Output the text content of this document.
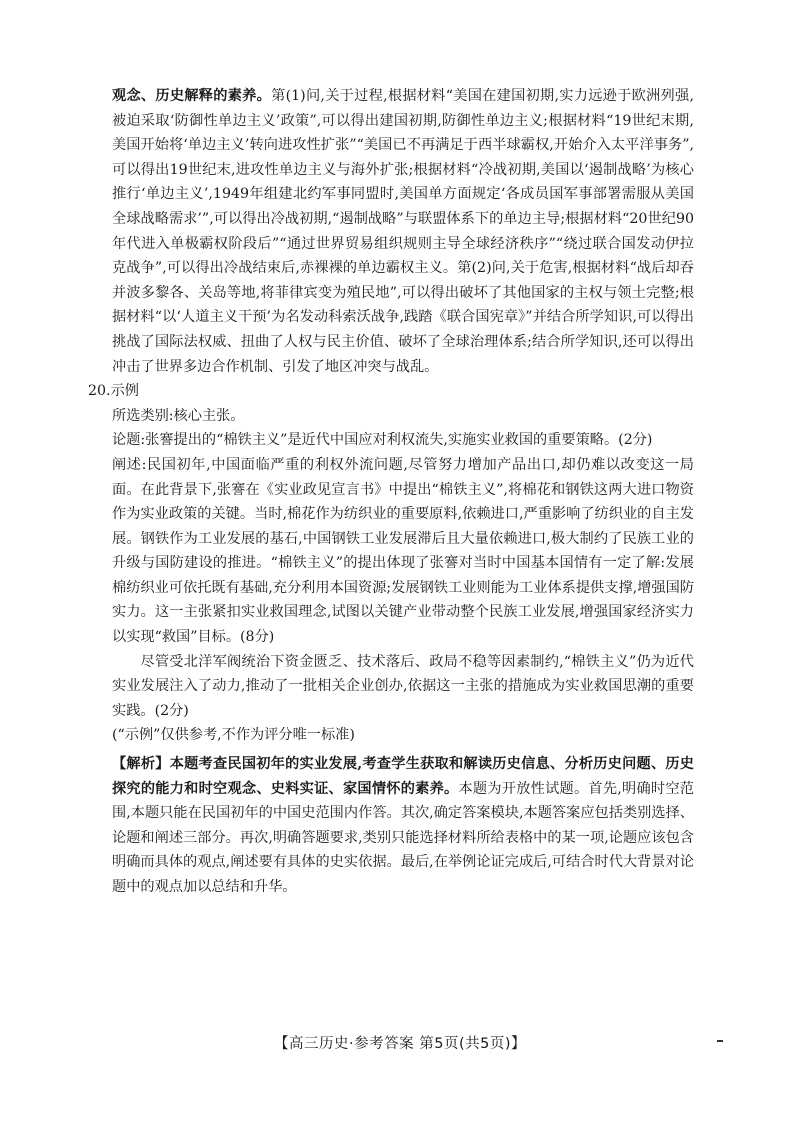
观念、历史解释的素养。第(1)问,关于过程,根据材料“美国在建国初期,实力远逊于欧洲列强,被迫采取‘防御性单边主义’政策”,可以得出建国初期,防御性单边主义;根据材料“19世纪末期,美国开始将‘单边主义’转向进攻性扩张”“美国已不再满足于西半球霸权,开始介入太平洋事务”,可以得出19世纪末,进攻性单边主义与海外扩张;根据材料“冷战初期,美国以‘遏制战略’为核心推行‘单边主义’,1949年组建北约军事同盟时,美国单方面规定‘各成员国军事部署需服从美国全球战略需求’”,可以得出冷战初期,“遏制战略”与联盟体系下的单边主导;根据材料“20世纪90年代进入单极霸权阶段后”“通过世界贸易组织规则主导全球经济秩序”“绕过联合国发动伊拉克战争”,可以得出冷战结束后,赤裸裸的单边霸权主义。第(2)问,关于危害,根据材料“战后却吞并波多黎各、关岛等地,将菲律宾变为殖民地”,可以得出破坏了其他国家的主权与领土完整;根据材料“以‘人道主义干预’为名发动科索沃战争,践踏《联合国宪章》”并结合所学知识,可以得出挑战了国际法权威、扭曲了人权与民主价值、破坏了全球治理体系;结合所学知识,还可以得出冲击了世界多边合作机制、引发了地区冲突与战乱。

20.示例

所选类别:核心主张。

论题:张謇提出的“棉铁主义”是近代中国应对利权流失,实施实业救国的重要策略。(2分)

阐述:民国初年,中国面临严重的利权外流问题,尽管努力增加产品出口,却仍难以改变这一局面。在此背景下,张謇在《实业政见宣言书》中提出“棉铁主义”,将棉花和钢铁这两大进口物资作为实业政策的关键。当时,棉花作为纺织业的重要原料,依赖进口,严重影响了纺织业的自主发展。钢铁作为工业发展的基石,中国钢铁工业发展滞后且大量依赖进口,极大制约了民族工业的升级与国防建设的推进。“棉铁主义”的提出体现了张謇对当时中国基本国情有一定了解:发展棉纺织业可依托既有基础,充分利用本国资源;发展钢铁工业则能为工业体系提供支撑,增强国防实力。这一主张紧扣实业救国理念,试图以关键产业带动整个民族工业发展,增强国家经济实力以实现“救国”目标。(8分)

尽管受北洋军阀统治下资金匮乏、技术落后、政局不稳等因素制约,“棉铁主义”仍为近代实业发展注入了动力,推动了一批相关企业创办,依据这一主张的措施成为实业救国思潮的重要实践。(2分)

(“示例”仅供参考,不作为评分唯一标准)

【解析】本题考查民国初年的实业发展,考查学生获取和解读历史信息、分析历史问题、历史探究的能力和时空观念、史料实证、家国情怀的素养。本题为开放性试题。首先,明确时空范围,本题只能在民国初年的中国史范围内作答。其次,确定答案模块,本题答案应包括类别选择、论题和阐述三部分。再次,明确答题要求,类别只能选择材料所给表格中的某一项,论题应该包含明确而具体的观点,阐述要有具体的史实依据。最后,在举例论证完成后,可结合时代大背景对论题中的观点加以总结和升华。

【高三历史·参考答案 第5页(共5页)】
